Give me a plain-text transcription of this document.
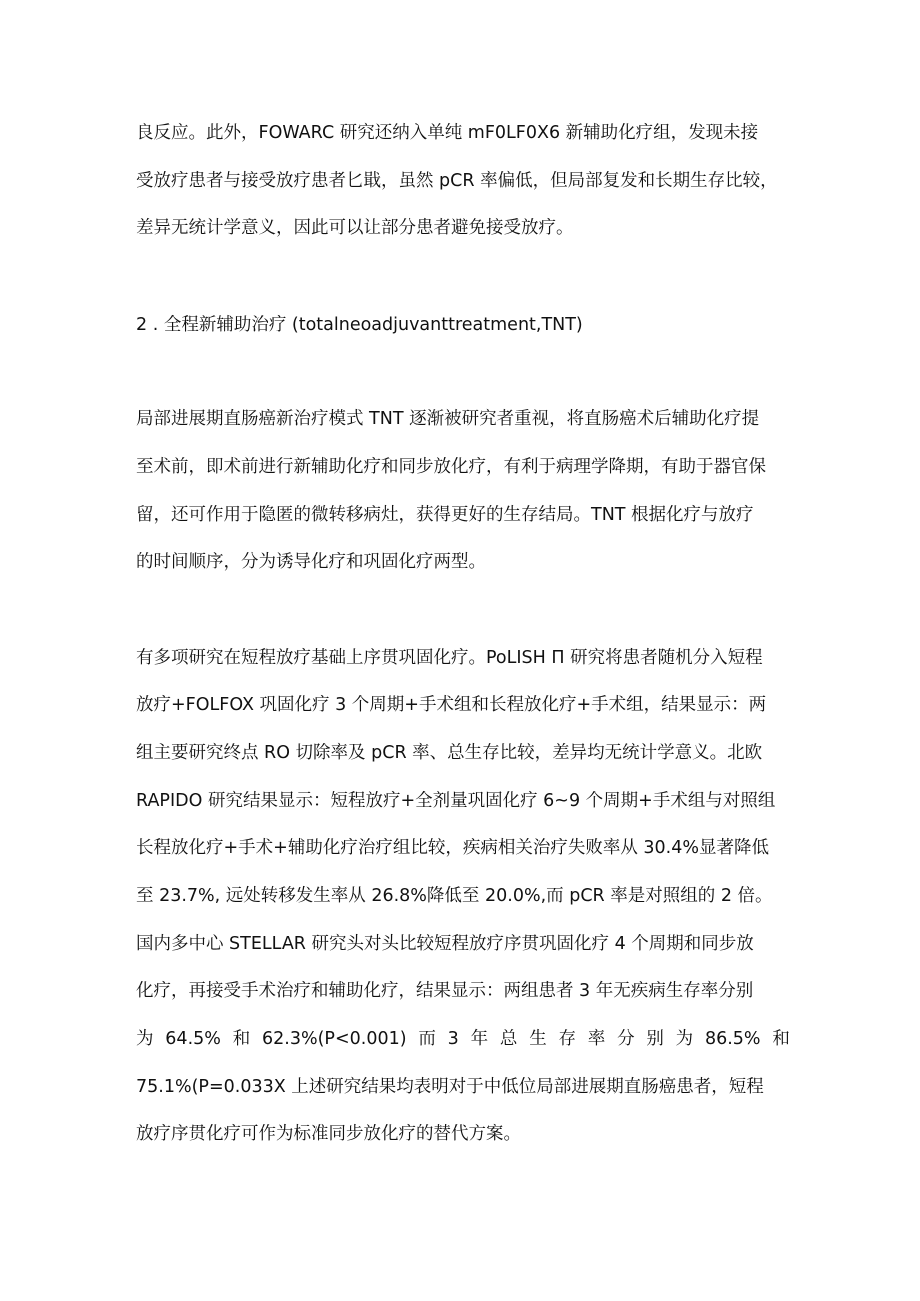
良反应。此外，FOWARC 研究还纳入单纯 mF0LF0X6 新辅助化疗组，发现未接
受放疗患者与接受放疗患者匕戢，虽然 pCR 率偏低，但局部复发和长期生存比较，
差异无统计学意义，因此可以让部分患者避免接受放疗。
2 . 全程新辅助治疗 (totalneoadjuvanttreatment,TNT)
局部进展期直肠癌新治疗模式 TNT 逐渐被研究者重视，将直肠癌术后辅助化疗提
至术前，即术前进行新辅助化疗和同步放化疗，有利于病理学降期，有助于器官保
留，还可作用于隐匿的微转移病灶，获得更好的生存结局。TNT 根据化疗与放疗
的时间顺序，分为诱导化疗和巩固化疗两型。
有多项研究在短程放疗基础上序贯巩固化疗。PoLISH Π 研究将患者随机分入短程
放疗+FOLFOX 巩固化疗 3 个周期+手术组和长程放化疗+手术组，结果显示：两
组主要研究终点 RO 切除率及 pCR 率、总生存比较，差异均无统计学意义。北欧
RAPIDO 研究结果显示：短程放疗+全剂量巩固化疗 6~9 个周期+手术组与对照组
长程放化疗+手术+辅助化疗治疗组比较，疾病相关治疗失败率从 30.4%显著降低
至 23.7%, 远处转移发生率从 26.8%降低至 20.0%,而 pCR 率是对照组的 2 倍。
国内多中心 STELLAR 研究头对头比较短程放疗序贯巩固化疗 4 个周期和同步放
化疗，再接受手术治疗和辅助化疗，结果显示：两组患者 3 年无疾病生存率分别
为 64.5% 和 62.3%(P<0.001) 而 3 年 总 生 存 率 分 别 为 86.5% 和
75.1%(P=0.033X 上述研究结果均表明对于中低位局部进展期直肠癌患者，短程
放疗序贯化疗可作为标准同步放化疗的替代方案。
